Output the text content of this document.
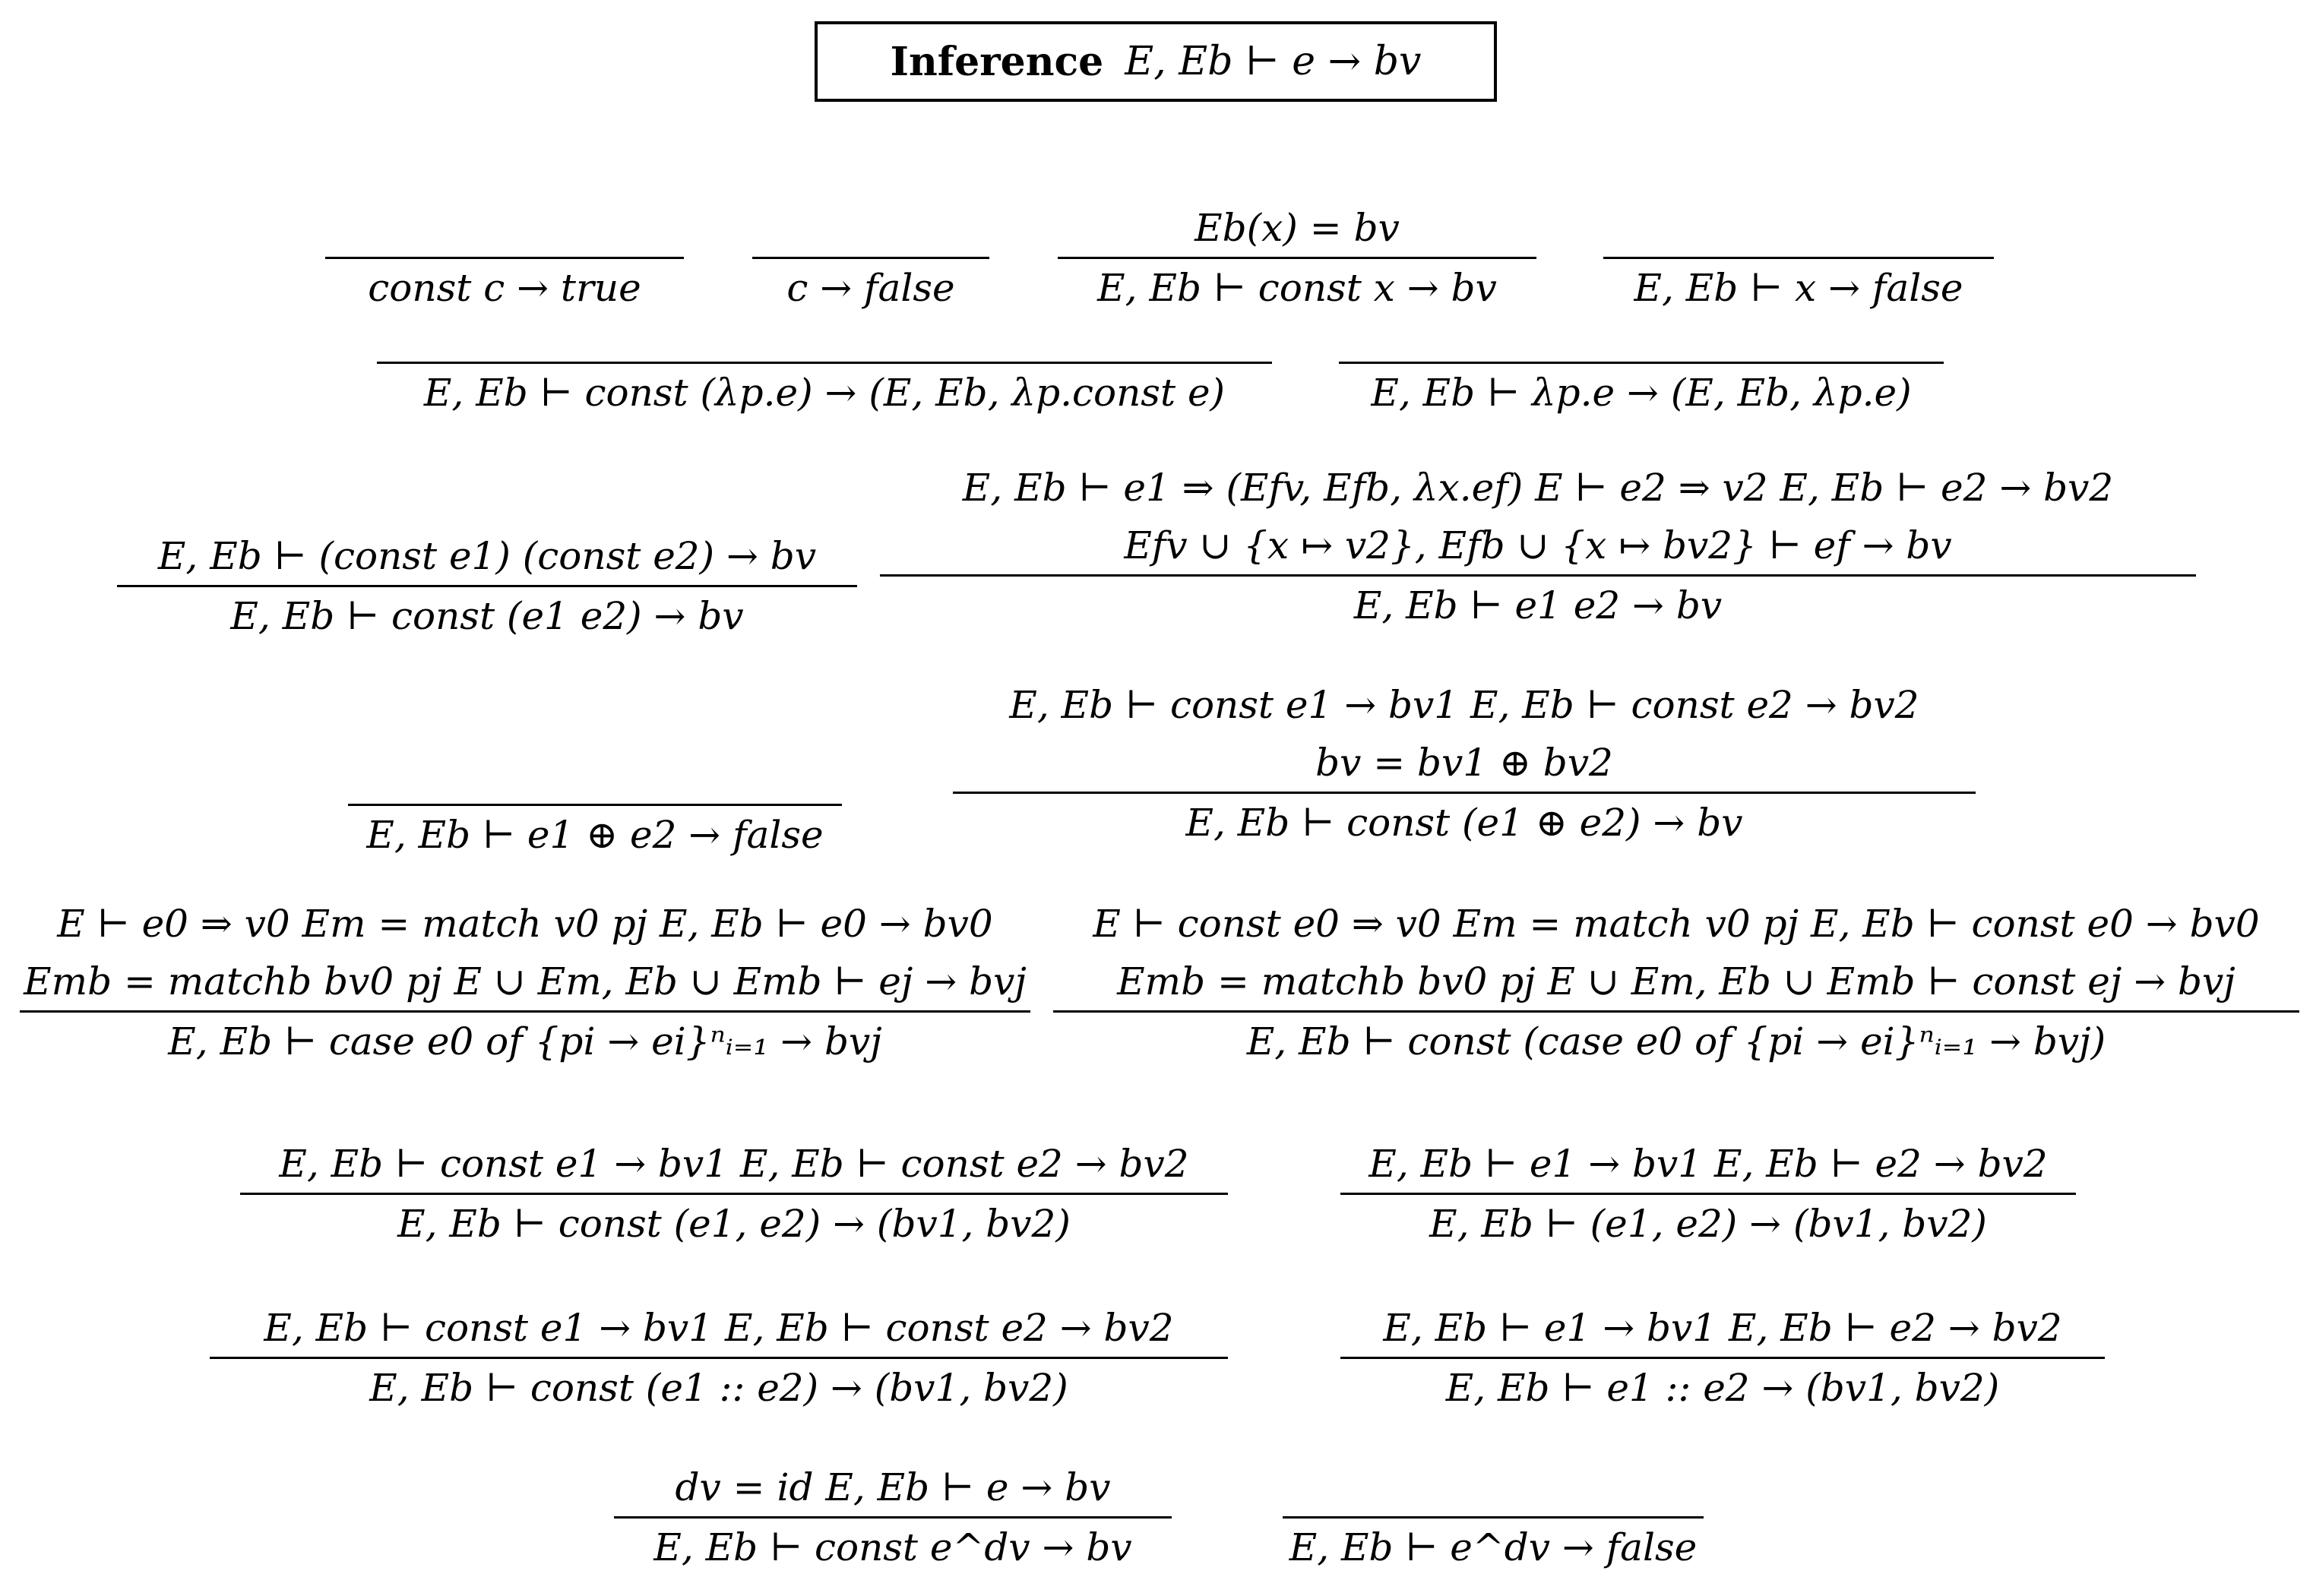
Inference E, Eb ⊢ e → bv
const c → true	c → false
Eb(x) = bv
E, Eb ⊢ const x → bv	E, Eb ⊢ x → false
E, Eb ⊢ const (λp.e) → (E, Eb, λp.const e)	E, Eb ⊢ λp.e → (E, Eb, λp.e)
E, Eb ⊢ (const e1) (const e2) → bv
E, Eb ⊢ const (e1 e2) → bv
E, Eb ⊢ e1 ⇒ (Efv, Efb, λx.ef) E ⊢ e2 ⇒ v2 E, Eb ⊢ e2 → bv2
Efv ∪ {x ↦ v2}, Efb ∪ {x ↦ bv2} ⊢ ef → bv
E, Eb ⊢ e1 e2 → bv
E, Eb ⊢ e1 ⊕ e2 → false
E, Eb ⊢ const e1 → bv1 E, Eb ⊢ const e2 → bv2
bv = bv1 ⊕ bv2
E, Eb ⊢ const (e1 ⊕ e2) → bv
E ⊢ e0 ⇒ v0 Em = match v0 pj E, Eb ⊢ e0 → bv0
Emb = matchb bv0 pj E ∪ Em, Eb ∪ Emb ⊢ ej → bvj
E, Eb ⊢ case e0 of {pi → ei}ⁿᵢ₌₁ → bvj
E ⊢ const e0 ⇒ v0 Em = match v0 pj E, Eb ⊢ const e0 → bv0
Emb = matchb bv0 pj E ∪ Em, Eb ∪ Emb ⊢ const ej → bvj
E, Eb ⊢ const (case e0 of {pi → ei}ⁿᵢ₌₁ → bvj)
E, Eb ⊢ const e1 → bv1 E, Eb ⊢ const e2 → bv2
E, Eb ⊢ const (e1, e2) → (bv1, bv2)
E, Eb ⊢ e1 → bv1 E, Eb ⊢ e2 → bv2
E, Eb ⊢ (e1, e2) → (bv1, bv2)
E, Eb ⊢ const e1 → bv1 E, Eb ⊢ const e2 → bv2
E, Eb ⊢ const (e1 :: e2) → (bv1, bv2)
E, Eb ⊢ e1 → bv1 E, Eb ⊢ e2 → bv2
E, Eb ⊢ e1 :: e2 → (bv1, bv2)
dv = id E, Eb ⊢ e → bv
E, Eb ⊢ const e^dv → bv	E, Eb ⊢ e^dv → false
